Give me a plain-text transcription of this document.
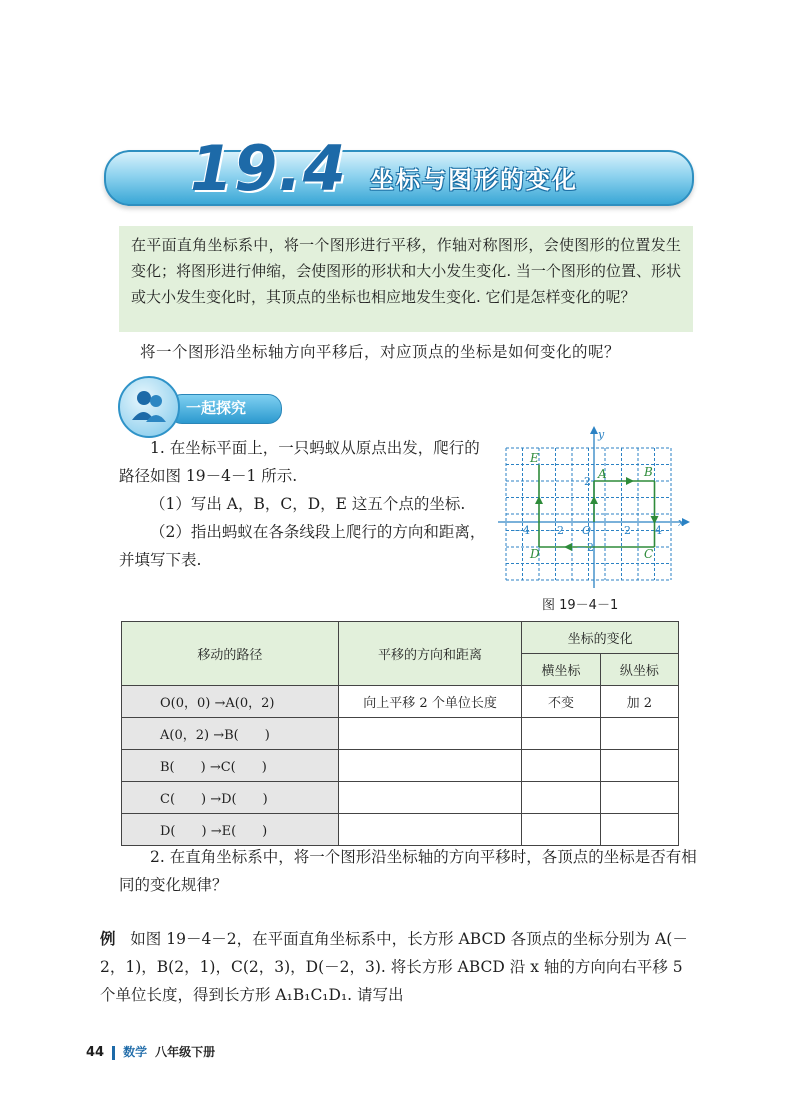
19.4 坐标与图形的变化
在平面直角坐标系中，将一个图形进行平移，作轴对称图形，会使图形的位置发生变化；将图形进行伸缩，会使图形的形状和大小发生变化. 当一个图形的位置、形状或大小发生变化时，其顶点的坐标也相应地发生变化. 它们是怎样变化的呢？
将一个图形沿坐标轴方向平移后，对应顶点的坐标是如何变化的呢？
一起探究
1. 在坐标平面上，一只蚂蚁从原点出发，爬行的路径如图 19－4－1 所示.
（1）写出 A，B，C，D，E 这五个点的坐标.
（2）指出蚂蚁在各条线段上爬行的方向和距离，并填写下表.
A	B
C
D
E
x
y
O
－4 －2	2 4
2
－2
图 19－4－1
移动的路径	平移的方向和距离	坐标的变化	
		横坐标	纵坐标
O(0，0) →A(0，2)	向上平移 2 个单位长度	不变	加 2
A(0，2) →B(　　)			
B(　　) →C(　　)			
C(　　) →D(　　)			
D(　　) →E(　　)			
2. 在直角坐标系中，将一个图形沿坐标轴的方向平移时，各顶点的坐标是否有相同的变化规律？
例 如图 19－4－2，在平面直角坐标系中，长方形 ABCD 各顶点的坐标分别为 A(－2，1)，B(2，1)，C(2，3)，D(－2，3). 将长方形 ABCD 沿 x 轴的方向向右平移 5 个单位长度，得到长方形 A₁B₁C₁D₁. 请写出
44 数学 八年级下册
